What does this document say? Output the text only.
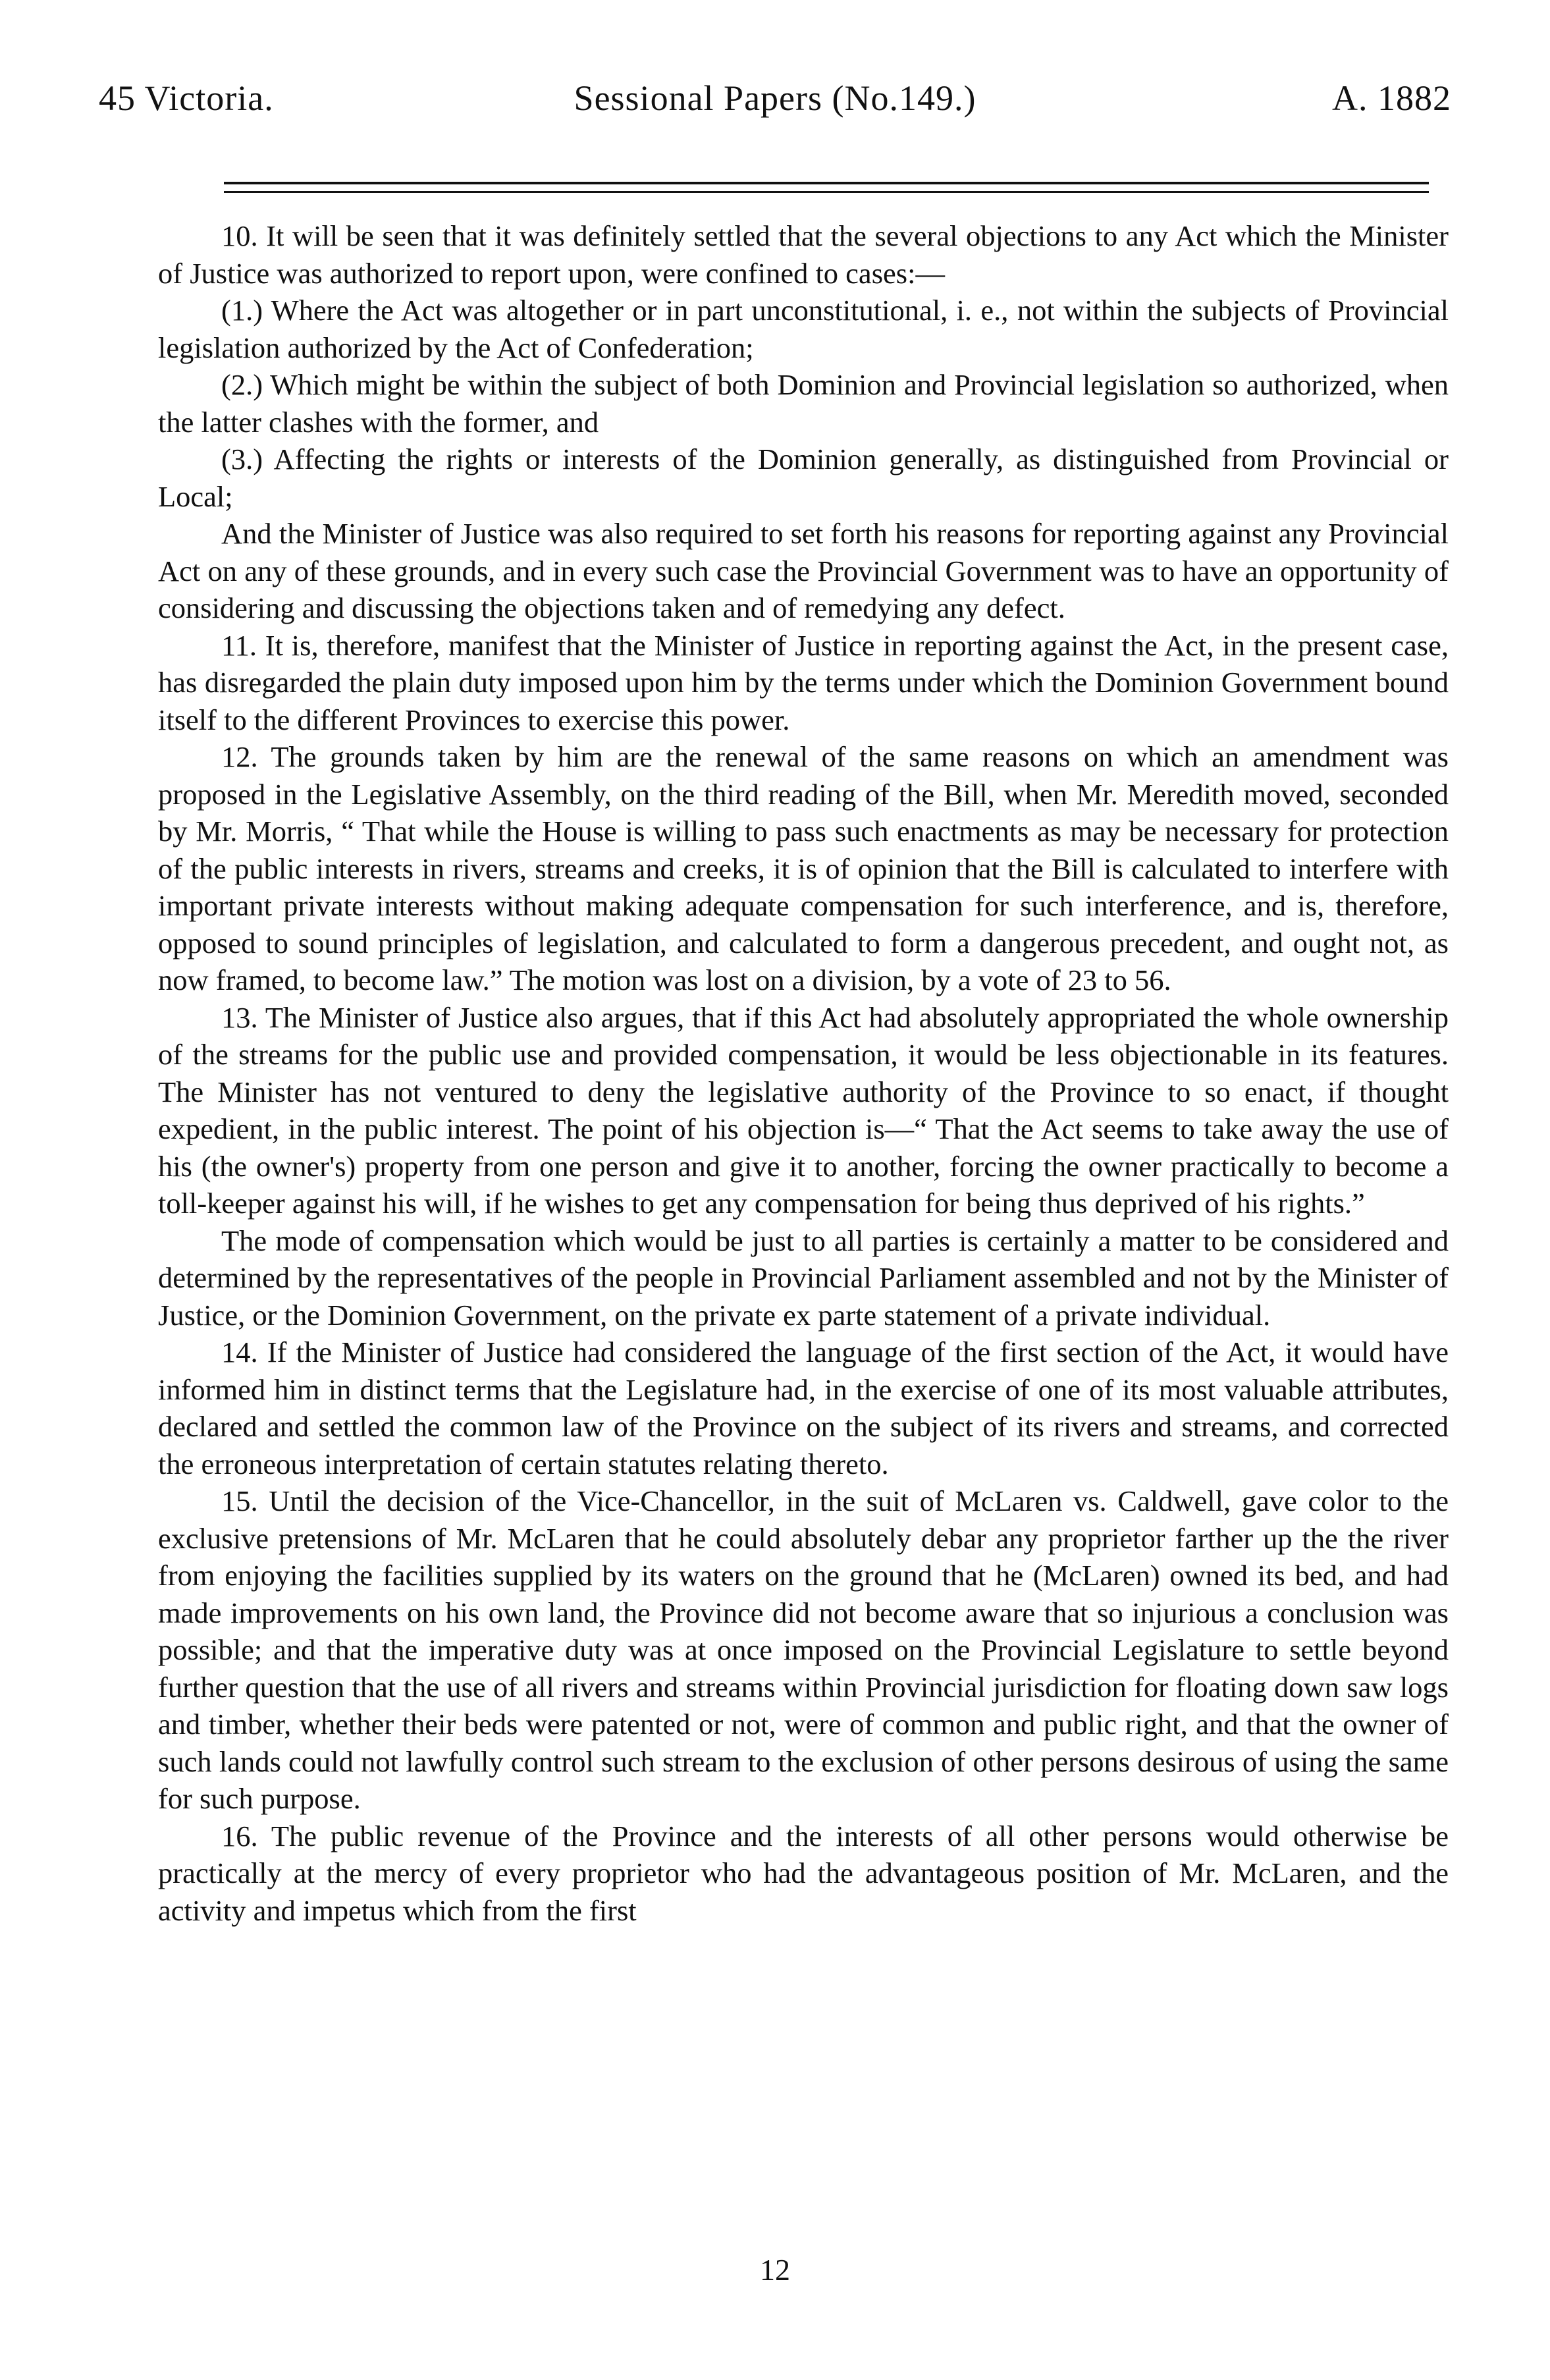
45 Victoria.	Sessional Papers (No.149.)	A. 1882

10. It will be seen that it was definitely settled that the several objections to any Act which the Minister of Justice was authorized to report upon, were confined to cases:—

(1.) Where the Act was altogether or in part unconstitutional, i. e., not within the subjects of Provincial legislation authorized by the Act of Confederation;

(2.) Which might be within the subject of both Dominion and Provincial legislation so authorized, when the latter clashes with the former, and

(3.) Affecting the rights or interests of the Dominion generally, as distinguished from Provincial or Local;

And the Minister of Justice was also required to set forth his reasons for reporting against any Provincial Act on any of these grounds, and in every such case the Provincial Government was to have an opportunity of considering and discussing the objections taken and of remedying any defect.

11. It is, therefore, manifest that the Minister of Justice in reporting against the Act, in the present case, has disregarded the plain duty imposed upon him by the terms under which the Dominion Government bound itself to the different Provinces to exercise this power.

12. The grounds taken by him are the renewal of the same reasons on which an amendment was proposed in the Legislative Assembly, on the third reading of the Bill, when Mr. Meredith moved, seconded by Mr. Morris, “ That while the House is willing to pass such enactments as may be necessary for protection of the public interests in rivers, streams and creeks, it is of opinion that the Bill is calculated to interfere with important private interests without making adequate compensation for such interference, and is, therefore, opposed to sound principles of legislation, and calculated to form a dangerous precedent, and ought not, as now framed, to become law.” The motion was lost on a division, by a vote of 23 to 56.

13. The Minister of Justice also argues, that if this Act had absolutely appropriated the whole ownership of the streams for the public use and provided compensation, it would be less objectionable in its features. The Minister has not ventured to deny the legislative authority of the Province to so enact, if thought expedient, in the public interest. The point of his objection is—“ That the Act seems to take away the use of his (the owner's) property from one person and give it to another, forcing the owner practically to become a toll-keeper against his will, if he wishes to get any compensation for being thus deprived of his rights.”

The mode of compensation which would be just to all parties is certainly a matter to be considered and determined by the representatives of the people in Provincial Parliament assembled and not by the Minister of Justice, or the Dominion Government, on the private ex parte statement of a private individual.

14. If the Minister of Justice had considered the language of the first section of the Act, it would have informed him in distinct terms that the Legislature had, in the exercise of one of its most valuable attributes, declared and settled the common law of the Province on the subject of its rivers and streams, and corrected the erroneous interpretation of certain statutes relating thereto.

15. Until the decision of the Vice-Chancellor, in the suit of McLaren vs. Caldwell, gave color to the exclusive pretensions of Mr. McLaren that he could absolutely debar any proprietor farther up the the river from enjoying the facilities supplied by its waters on the ground that he (McLaren) owned its bed, and had made improvements on his own land, the Province did not become aware that so injurious a conclusion was possible; and that the imperative duty was at once imposed on the Provincial Legislature to settle beyond further question that the use of all rivers and streams within Provincial jurisdiction for floating down saw logs and timber, whether their beds were patented or not, were of common and public right, and that the owner of such lands could not lawfully control such stream to the exclusion of other persons desirous of using the same for such purpose.

16. The public revenue of the Province and the interests of all other persons would otherwise be practically at the mercy of every proprietor who had the advantageous position of Mr. McLaren, and the activity and impetus which from the first

12
